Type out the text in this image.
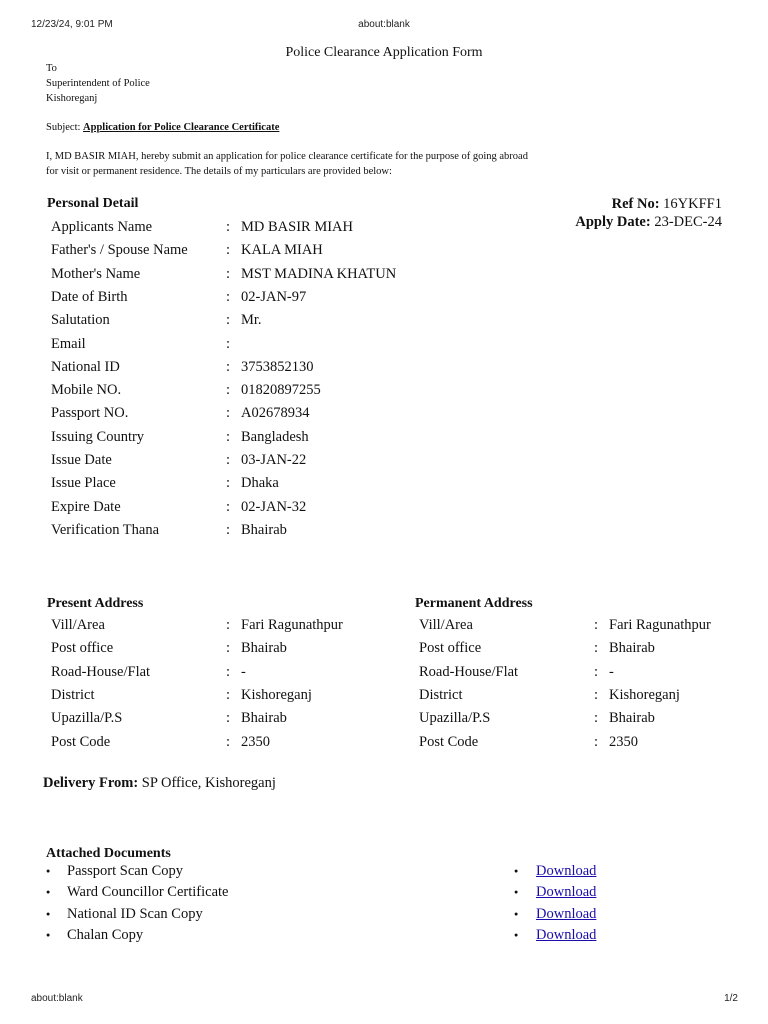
12/23/24, 9:01 PM	about:blank
Police Clearance Application Form
To
Superintendent of Police
Kishoreganj
Subject: Application for Police Clearance Certificate
I, MD BASIR MIAH, hereby submit an application for police clearance certificate for the purpose of going abroad
for visit or permanent residence. The details of my particulars are provided below:
Personal Detail	Ref No: 16YKFF1
Apply Date: 23-DEC-24
Applicants Name	: MD BASIR MIAH
Father's / Spouse Name	: KALA MIAH
Mother's Name	: MST MADINA KHATUN
Date of Birth	: 02-JAN-97
Salutation	: Mr.
Email	:
National ID	: 3753852130
Mobile NO.	: 01820897255
Passport NO.	: A02678934
Issuing Country	: Bangladesh
Issue Date	: 03-JAN-22
Issue Place	: Dhaka
Expire Date	: 02-JAN-32
Verification Thana	: Bhairab
Present Address
Vill/Area	: Fari Ragunathpur
Post office	: Bhairab
Road-House/Flat	: -
District	: Kishoreganj
Upazilla/P.S	: Bhairab
Post Code	: 2350
Permanent Address
Vill/Area	: Fari Ragunathpur
Post office	: Bhairab
Road-House/Flat	: -
District	: Kishoreganj
Upazilla/P.S	: Bhairab
Post Code	: 2350
Delivery From: SP Office, Kishoreganj
Attached Documents
● Passport Scan Copy	● Download
● Ward Councillor Certificate	● Download
● National ID Scan Copy	● Download
● Chalan Copy	● Download
about:blank	1/2
